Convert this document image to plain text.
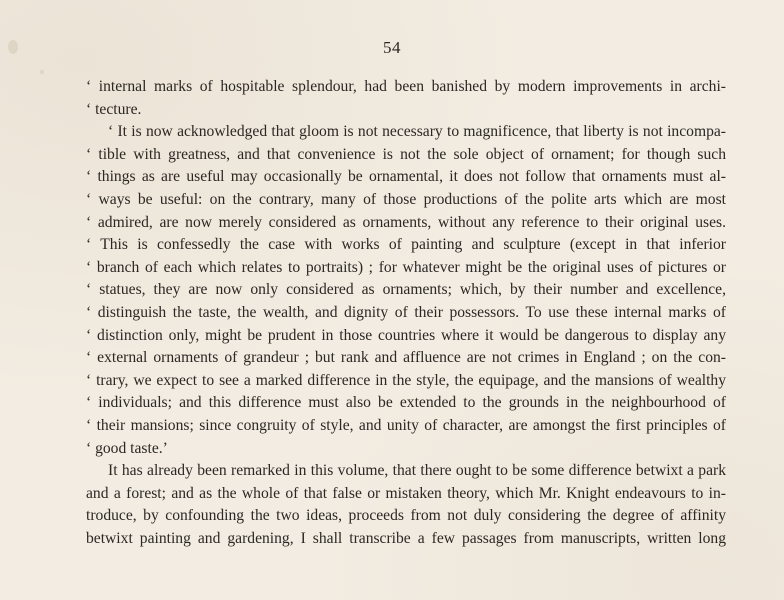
54
‘ internal marks of hospitable splendour, had been banished by modern improvements in archi-
‘ tecture.
‘ It is now acknowledged that gloom is not necessary to magnificence, that liberty is not incompa-
‘ tible with greatness, and that convenience is not the sole object of ornament; for though such
‘ things as are useful may occasionally be ornamental, it does not follow that ornaments must al-
‘ ways be useful: on the contrary, many of those productions of the polite arts which are most
‘ admired, are now merely considered as ornaments, without any reference to their original uses.
‘ This is confessedly the case with works of painting and sculpture (except in that inferior
‘ branch of each which relates to portraits) ; for whatever might be the original uses of pictures or
‘ statues, they are now only considered as ornaments; which, by their number and excellence,
‘ distinguish the taste, the wealth, and dignity of their possessors. To use these internal marks of
‘ distinction only, might be prudent in those countries where it would be dangerous to display any
‘ external ornaments of grandeur ; but rank and affluence are not crimes in England ; on the con-
‘ trary, we expect to see a marked difference in the style, the equipage, and the mansions of wealthy
‘ individuals; and this difference must also be extended to the grounds in the neighbourhood of
‘ their mansions; since congruity of style, and unity of character, are amongst the first principles of
‘ good taste.’
It has already been remarked in this volume, that there ought to be some difference betwixt a park
and a forest; and as the whole of that false or mistaken theory, which Mr. Knight endeavours to in-
troduce, by confounding the two ideas, proceeds from not duly considering the degree of affinity
betwixt painting and gardening, I shall transcribe a few passages from manuscripts, written long
